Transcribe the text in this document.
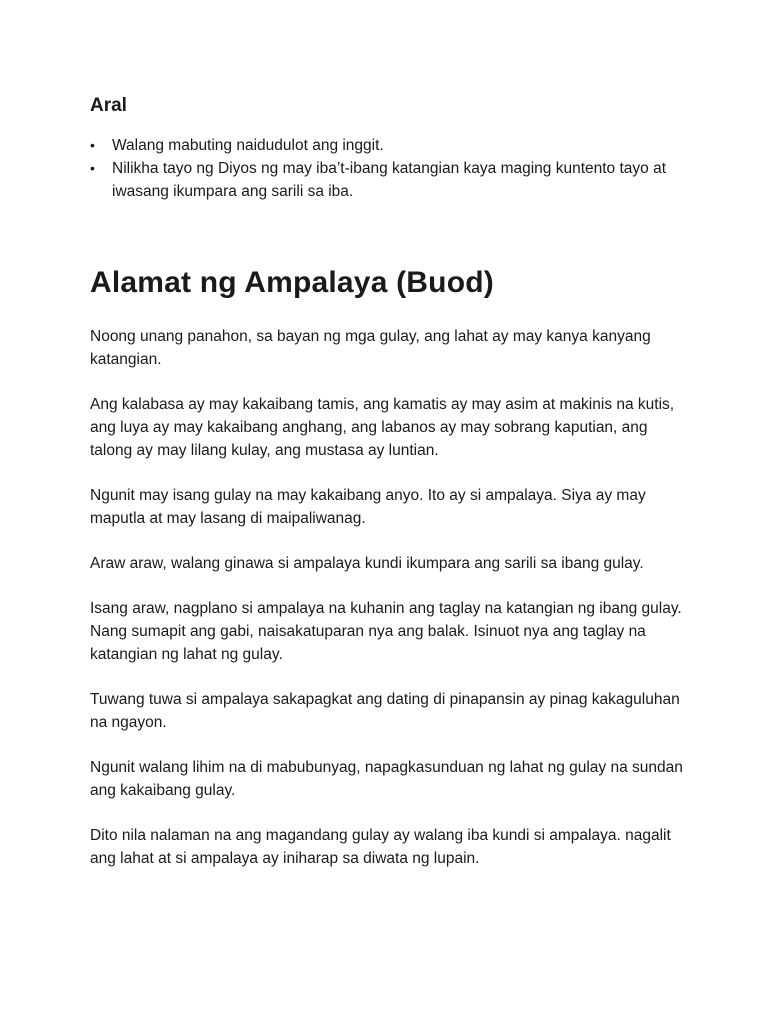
Aral
• Walang mabuting naidudulot ang inggit.
• Nilikha tayo ng Diyos ng may iba’t-ibang katangian kaya maging kuntento tayo at iwasang ikumpara ang sarili sa iba.
Alamat ng Ampalaya (Buod)

Noong unang panahon, sa bayan ng mga gulay, ang lahat ay may kanya kanyang katangian.

Ang kalabasa ay may kakaibang tamis, ang kamatis ay may asim at makinis na kutis, ang luya ay may kakaibang anghang, ang labanos ay may sobrang kaputian, ang talong ay may lilang kulay, ang mustasa ay luntian.

Ngunit may isang gulay na may kakaibang anyo. Ito ay si ampalaya. Siya ay may maputla at may lasang di maipaliwanag.

Araw araw, walang ginawa si ampalaya kundi ikumpara ang sarili sa ibang gulay.

Isang araw, nagplano si ampalaya na kuhanin ang taglay na katangian ng ibang gulay. Nang sumapit ang gabi, naisakatuparan nya ang balak. Isinuot nya ang taglay na katangian ng lahat ng gulay.

Tuwang tuwa si ampalaya sakapagkat ang dating di pinapansin ay pinag kakaguluhan na ngayon.

Ngunit walang lihim na di mabubunyag, napagkasunduan ng lahat ng gulay na sundan ang kakaibang gulay.

Dito nila nalaman na ang magandang gulay ay walang iba kundi si ampalaya. nagalit ang lahat at si ampalaya ay iniharap sa diwata ng lupain.
